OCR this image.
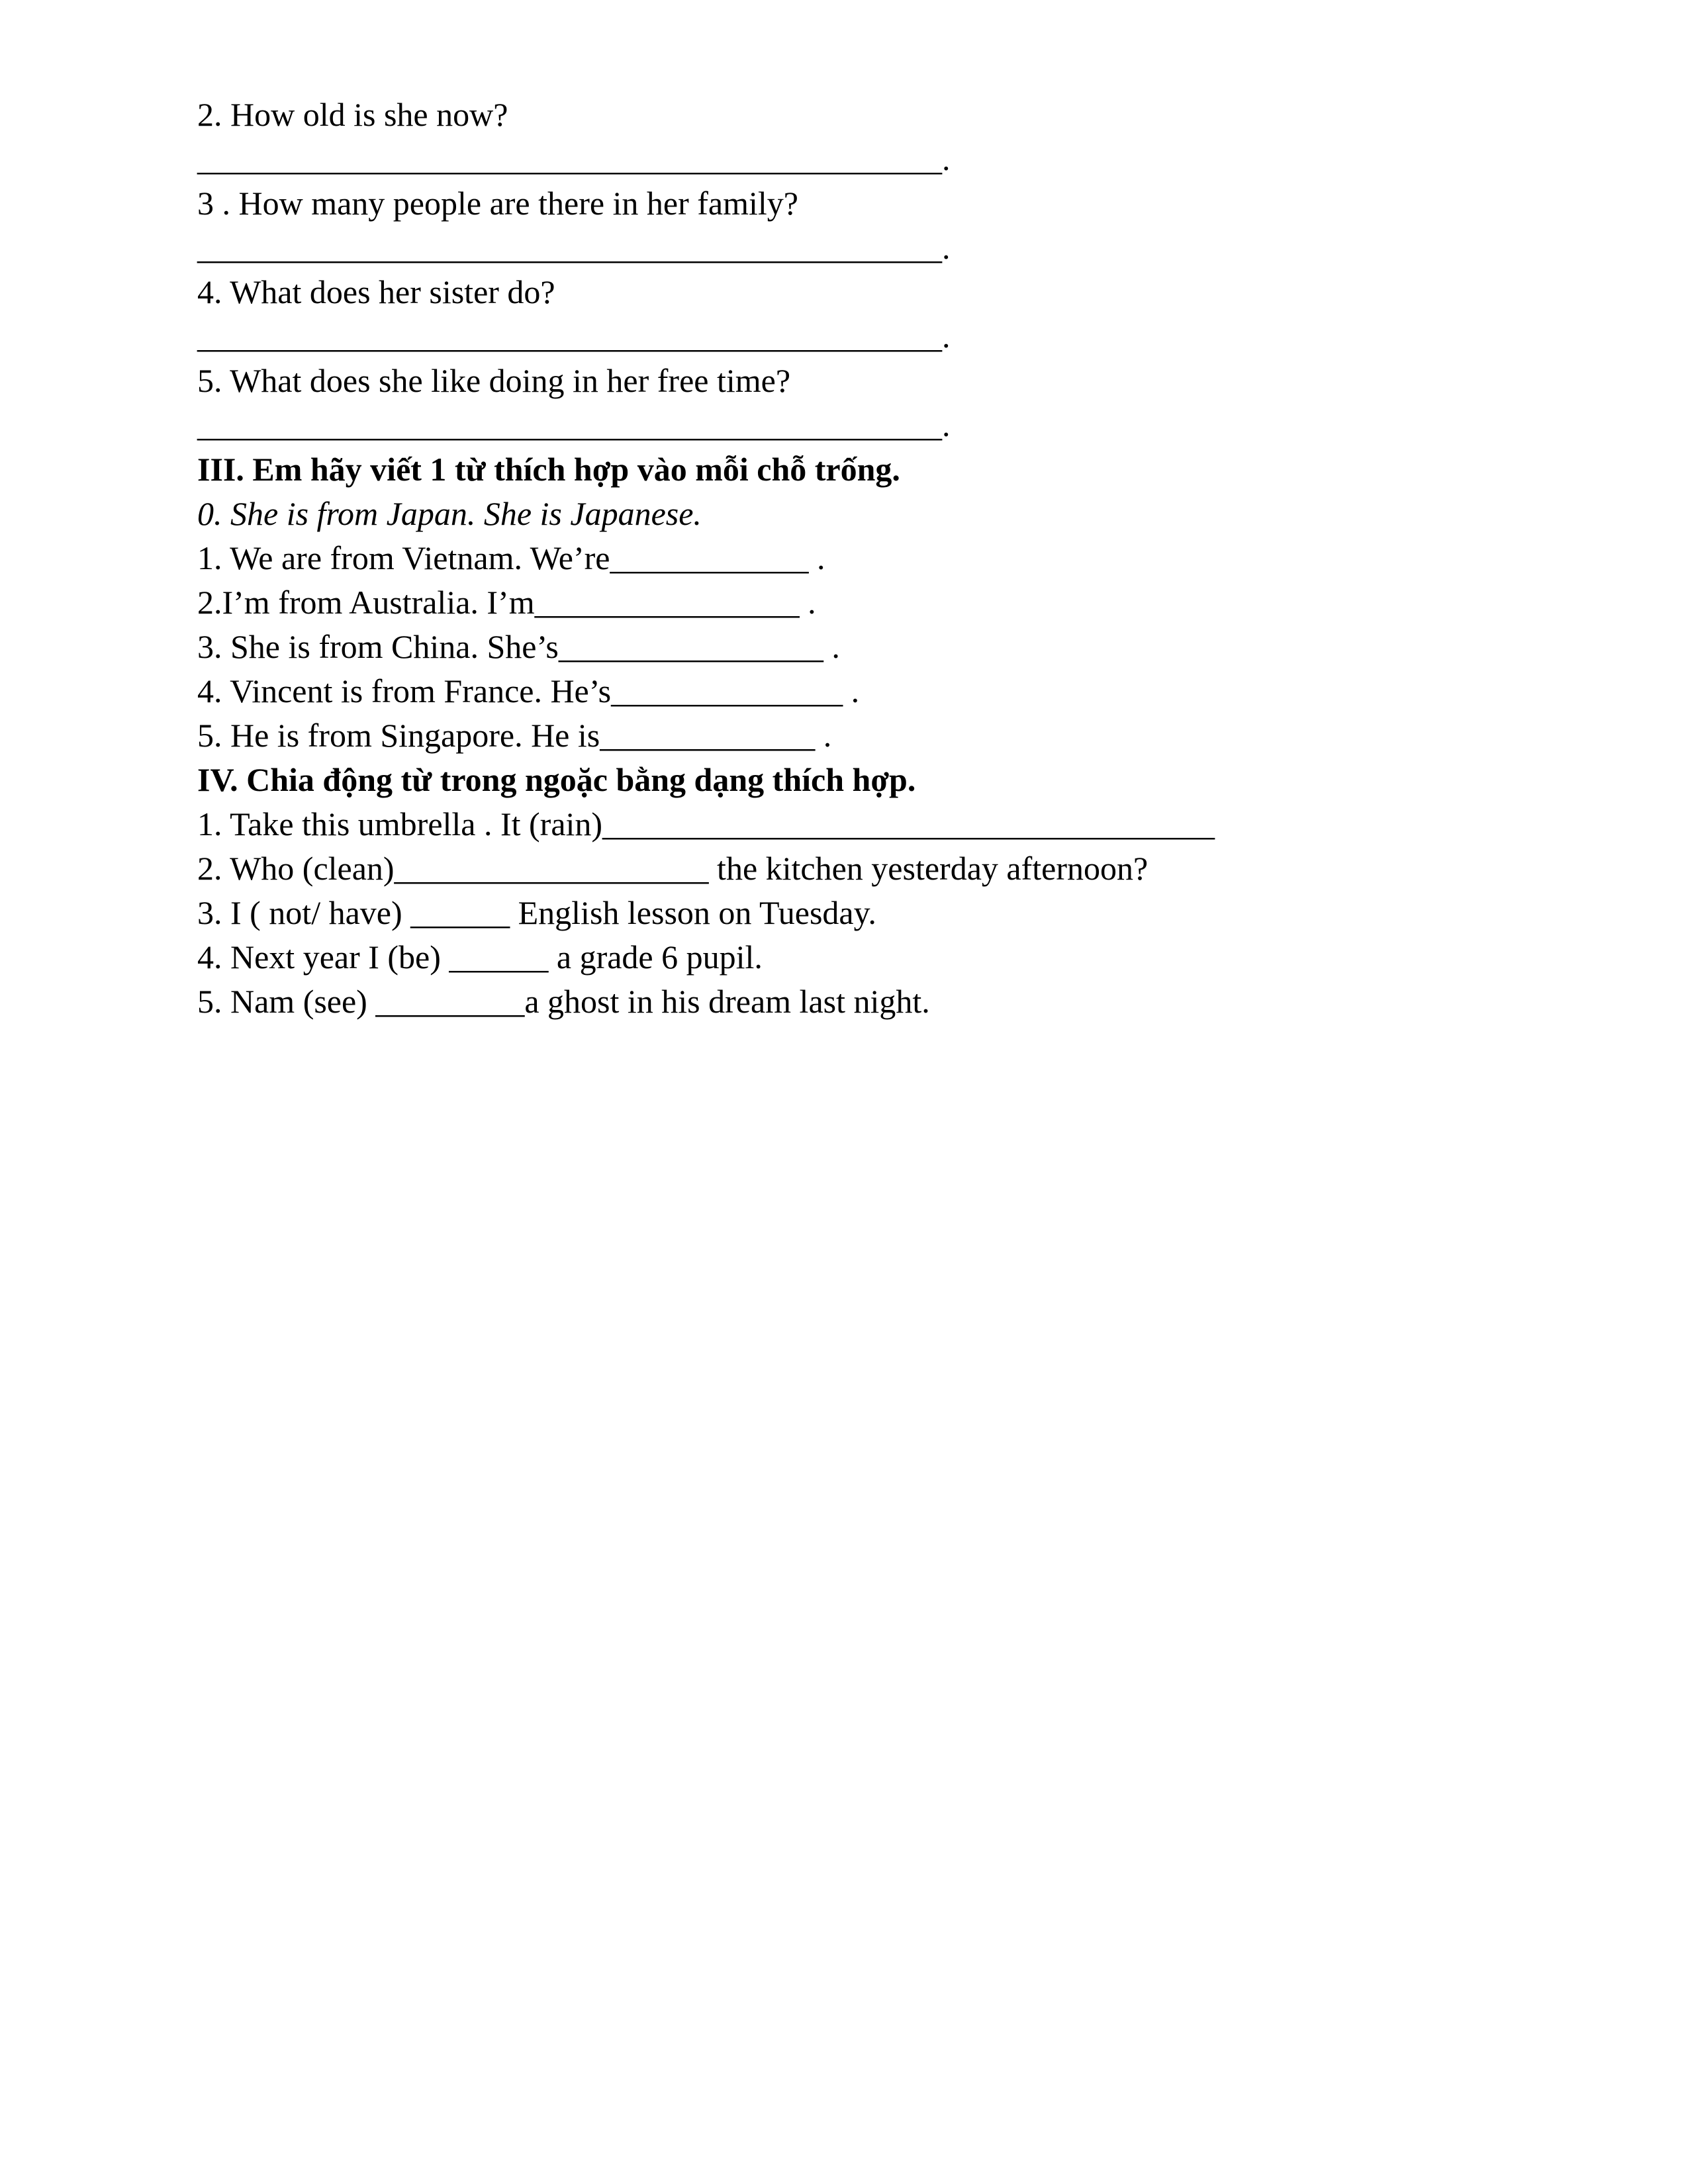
2. How old is she now?
_____________________________________________.
3 . How many people are there in her family?
_____________________________________________.
4. What does her sister do?
_____________________________________________.
5. What does she like doing in her free time?
_____________________________________________.
III. Em hãy viết 1 từ thích hợp vào mỗi chỗ trống.
0. She is from Japan. She is Japanese.
1. We are from Vietnam. We’re____________ .
2.I’m from Australia. I’m________________ .
3. She is from China. She’s________________ .
4. Vincent is from France. He’s______________ .
5. He is from Singapore. He is_____________ .
IV. Chia động từ trong ngoặc bằng dạng thích hợp.
1. Take this umbrella . It (rain)_____________________________________
2. Who (clean)___________________ the kitchen yesterday afternoon?
3. I ( not/ have) ______ English lesson on Tuesday.
4. Next year I (be) ______ a grade 6 pupil.
5. Nam (see) _________a ghost in his dream last night.
